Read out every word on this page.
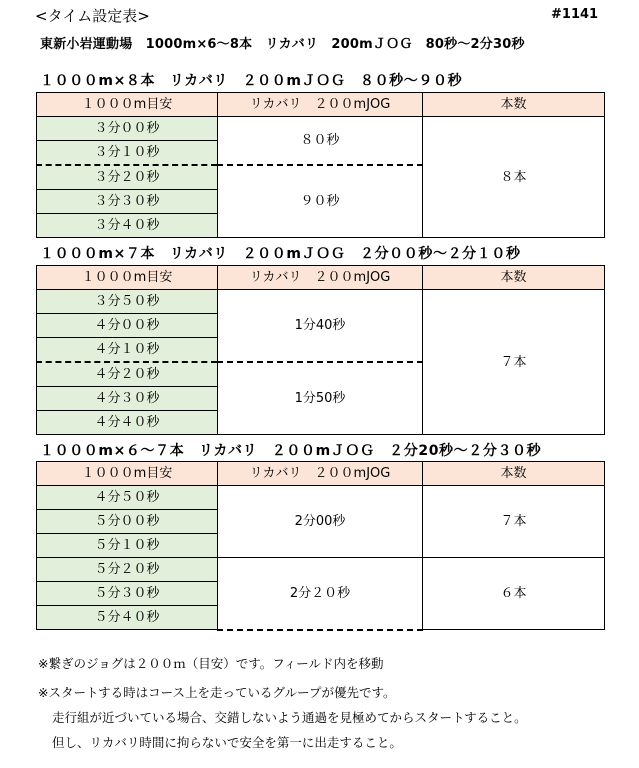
<タイム設定表>	#1141
東新小岩運動場　1000m×6～8本　リカバリ　200mＪＯＧ　80秒～2分30秒
１０００m×８本　リカバリ　２００mＪＯＧ　８０秒～９０秒
１０００m目安	リカバリ　２００mJOG	本数
３分００秒	８０秒	８本
３分１０秒		
３分２０秒	９０秒	
３分３０秒		
３分４０秒		
１０００m×７本　リカバリ　２００mＪＯＧ　２分００秒～２分１０秒
１０００m目安	リカバリ　２００mJOG	本数
３分５０秒	1分40秒	７本
４分００秒		
４分１０秒		
４分２０秒	1分50秒	
４分３０秒		
４分４０秒		
１０００m×６～７本　リカバリ　２００mＪＯＧ　２分20秒～２分３０秒
１０００m目安	リカバリ　２００mJOG	本数
４分５０秒	2分00秒	７本
５分００秒		
５分１０秒		
５分２０秒	2分２０秒	６本
５分３０秒		
５分４０秒		
※繋ぎのジョグは２００ｍ（目安）です。フィールド内を移動
※スタートする時はコース上を走っているグループが優先です。
走行組が近づいている場合、交錯しないよう通過を見極めてからスタートすること。
但し、リカバリ時間に拘らないで安全を第一に出走すること。
